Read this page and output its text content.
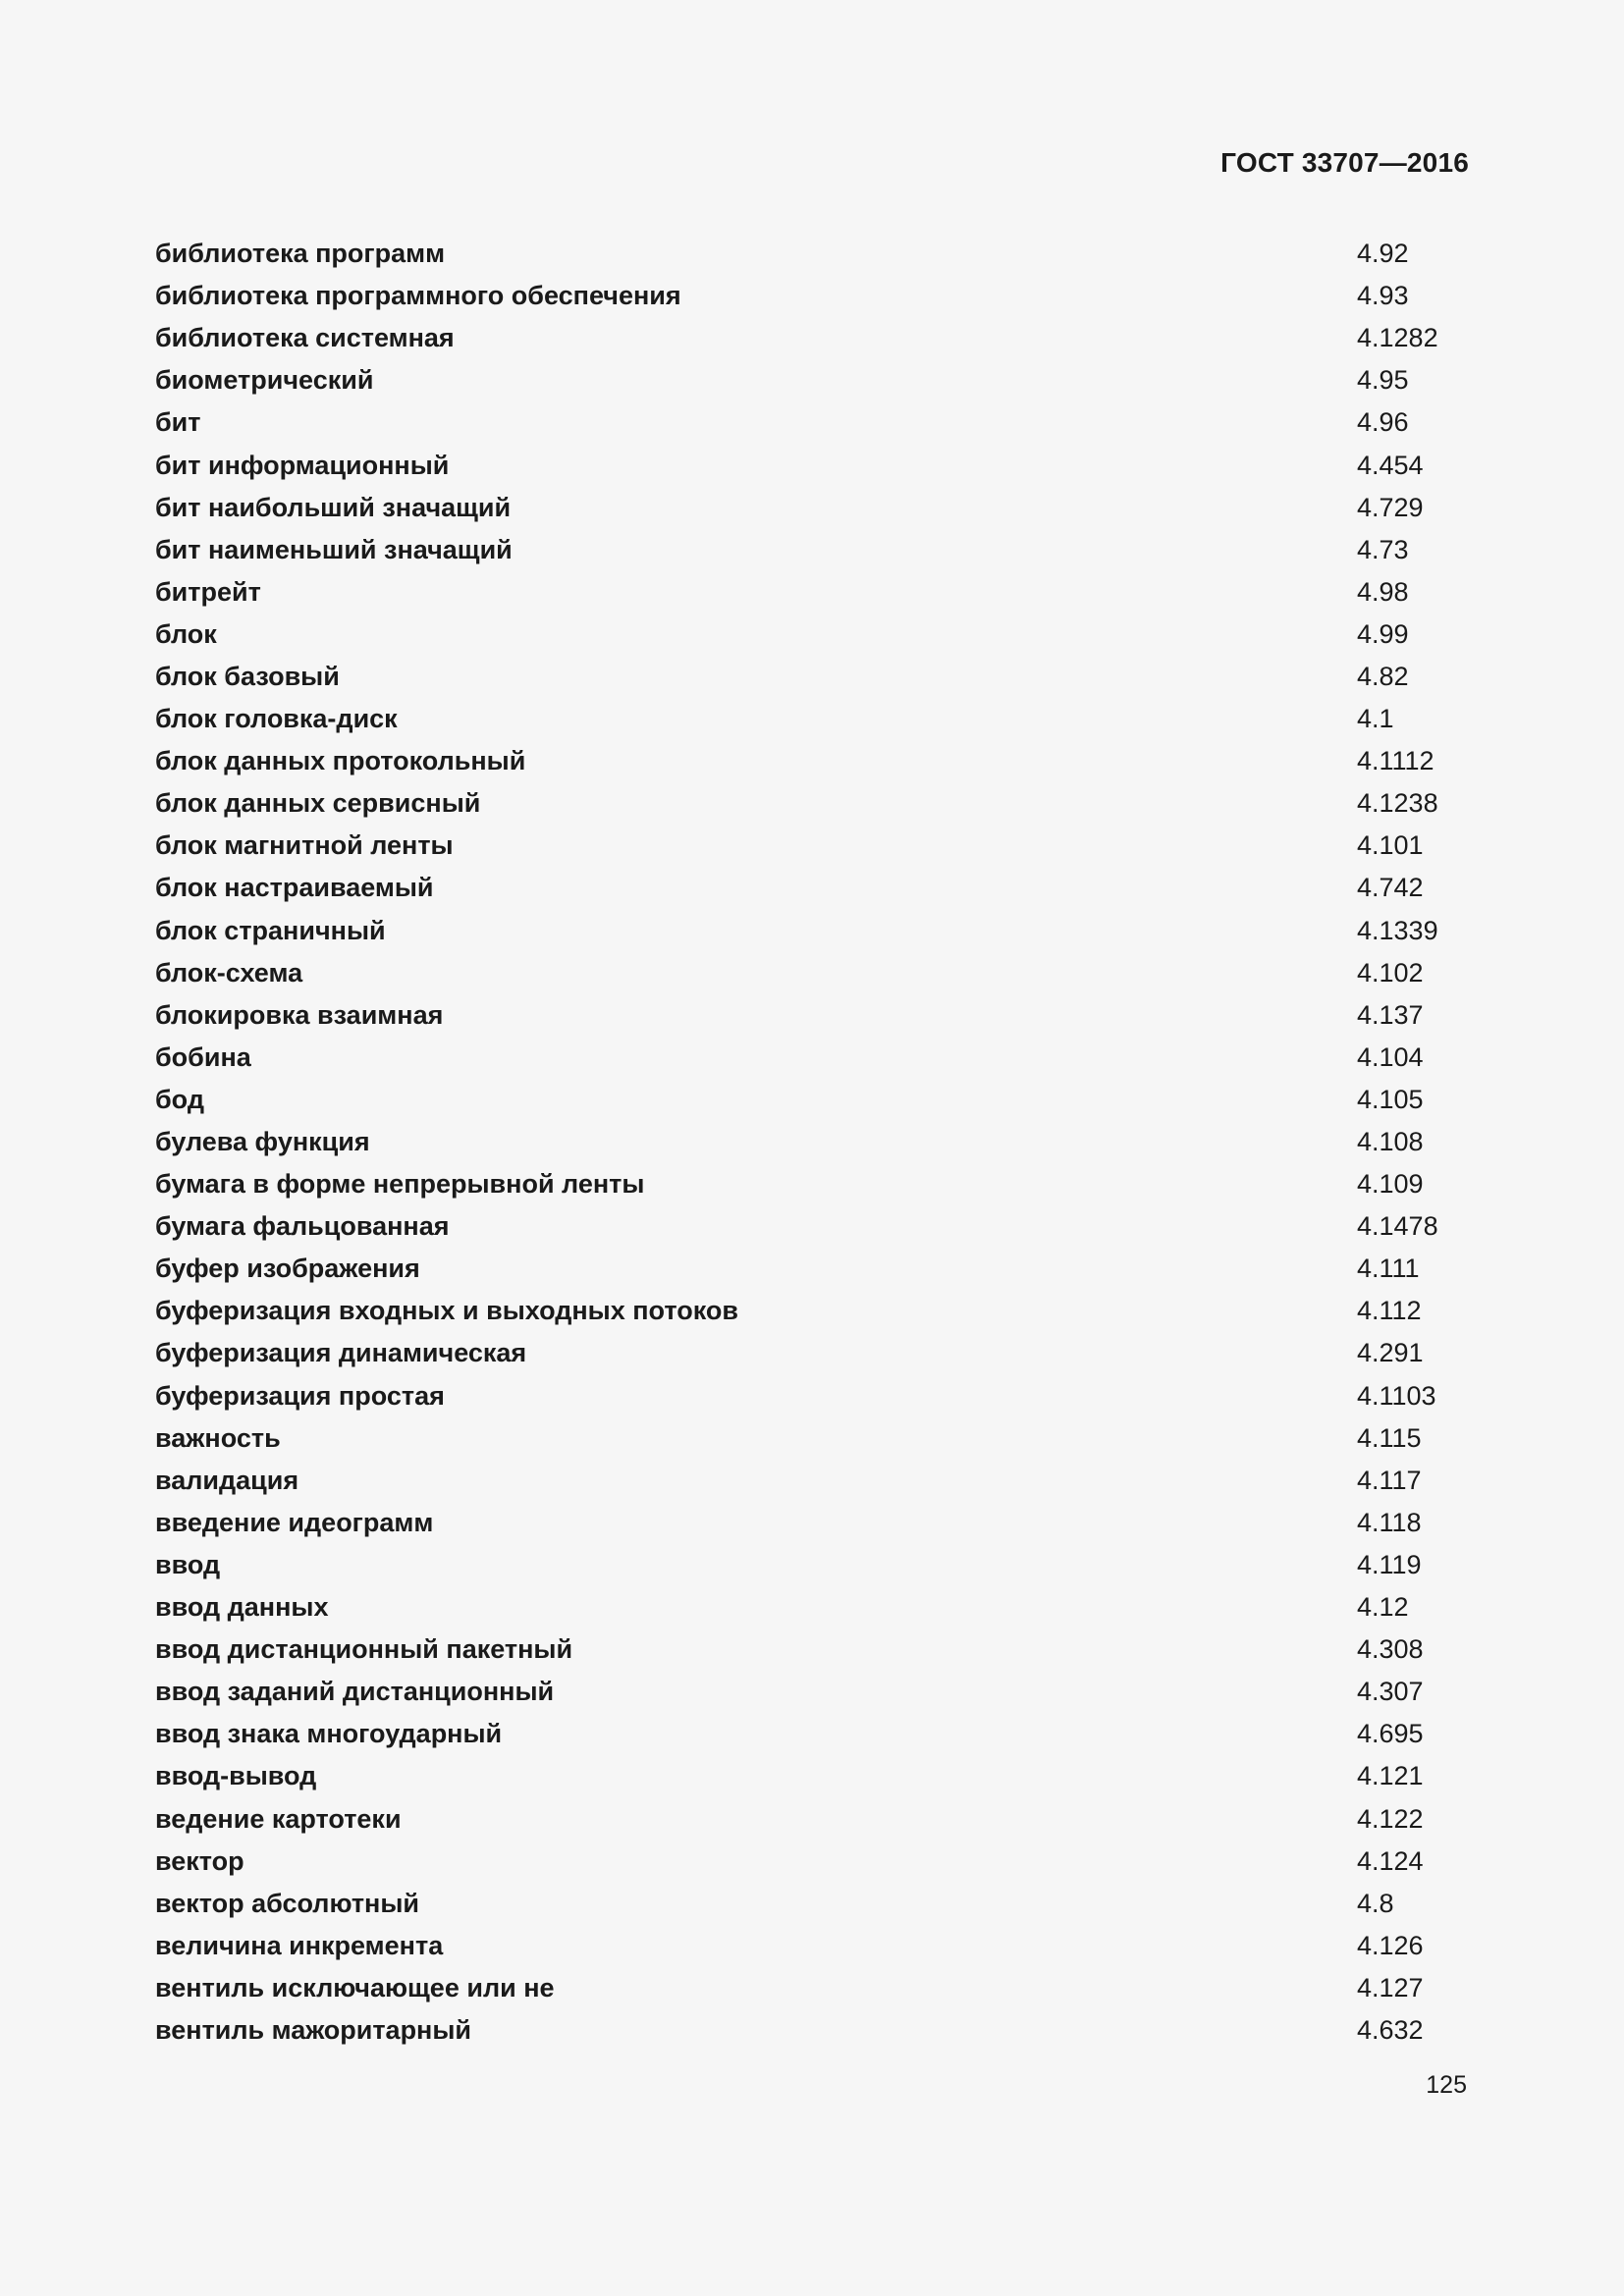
ГОСТ 33707—2016
библиотека программ	4.92
библиотека программного обеспечения	4.93
библиотека системная	4.1282
биометрический	4.95
бит	4.96
бит информационный	4.454
бит наибольший значащий	4.729
бит наименьший значащий	4.73
битрейт	4.98
блок	4.99
блок базовый	4.82
блок головка-диск	4.1
блок данных протокольный	4.1112
блок данных сервисный	4.1238
блок магнитной ленты	4.101
блок настраиваемый	4.742
блок страничный	4.1339
блок-схема	4.102
блокировка взаимная	4.137
бобина	4.104
бод	4.105
булева функция	4.108
бумага в форме непрерывной ленты	4.109
бумага фальцованная	4.1478
буфер изображения	4.111
буферизация входных и выходных потоков	4.112
буферизация динамическая	4.291
буферизация простая	4.1103
важность	4.115
валидация	4.117
введение идеограмм	4.118
ввод	4.119
ввод данных	4.12
ввод дистанционный пакетный	4.308
ввод заданий дистанционный	4.307
ввод знака многоударный	4.695
ввод-вывод	4.121
ведение картотеки	4.122
вектор	4.124
вектор абсолютный	4.8
величина инкремента	4.126
вентиль исключающее или не	4.127
вентиль мажоритарный	4.632
125
